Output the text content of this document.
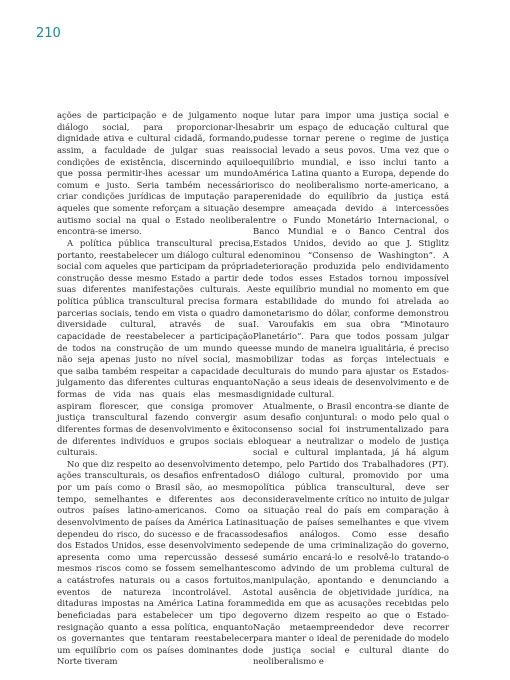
210

ações de participação e de julgamento no diálogo social, para proporcionar-lhes dignidade ativa e cultural cidadã, formando, assim, a faculdade de julgar suas reais condições de existência, discernindo aquilo que possa permitir-lhes acessar um mundo comum e justo. Seria também necessário criar condições jurídicas de imputação para aqueles que somente reforçam a situação de autismo social na qual o Estado neoliberal encontra-se imerso.

A política pública transcultural precisa, portanto, reestabelecer um diálogo cultural e social com aqueles que participam da própria construção desse mesmo Estado a partir de suas diferentes manifestações culturais. A política pública transcultural precisa formar parcerias sociais, tendo em vista o quadro da diversidade cultural, através de sua capacidade de reestabelecer a participação de todos na construção de um mundo que não seja apenas justo no nível social, mas que saiba também respeitar a capacidade de julgamento das diferentes culturas enquanto formas de vida nas quais elas mesmas aspiram florescer, que consiga promover justiça transcultural fazendo convergir as diferentes formas de desenvolvimento e êxito de diferentes indivíduos e grupos sociais e culturais.

No que diz respeito ao desenvolvimento de ações transculturais, os desafios enfrentados por um país como o Brasil são, ao mesmo tempo, semelhantes e diferentes aos de outros países latino-americanos. Como o desenvolvimento de países da América Latina dependeu do risco, do sucesso e de fracasso dos Estados Unidos, esse desenvolvimento se apresenta como uma repercussão desses mesmos riscos como se fossem semelhantes a catástrofes naturais ou a casos fortuitos, eventos de natureza incontrolável. As ditaduras impostas na América Latina foram beneficiadas para estabelecer um tipo de resignação quanto a essa política, enquanto os governantes que tentaram reestabelecer um equilíbrio com os países dominantes do Norte tiveram

que lutar para impor uma justiça social e abrir um espaço de educação cultural que pudesse tornar perene o regime de justiça social levado a seus povos. Uma vez que o equilíbrio mundial, e isso inclui tanto a América Latina quanto a Europa, depende do risco do neoliberalismo norte-americano, a perenidade do equilíbrio da justiça está sempre ameaçada devido a intercessões entre o Fundo Monetário Internacional, o Banco Mundial e o Banco Central dos Estados Unidos, devido ao que J. Stiglitz denominou “Consenso de Washington”. A deterioração produzida pelo endividamento de todos esses Estados tornou impossível este equilíbrio mundial no momento em que a estabilidade do mundo foi atrelada ao monetarismo do dólar, conforme demonstrou I. Varoufakis em sua obra “Minotauro Planetário”. Para que todos possam julgar esse mundo de maneira igualitária, é preciso mobilizar todas as forças intelectuais e culturais do mundo para ajustar os Estados-Nação a seus ideais de desenvolvimento e de dignidade cultural.

Atualmente, o Brasil encontra-se diante de um desafio conjuntural: o modo pelo qual o consenso social foi instrumentalizado para bloquear a neutralizar o modelo de justiça social e cultural implantada, já há algum tempo, pelo Partido dos Trabalhadores (PT). O diálogo cultural, promovido por uma política pública transcultural, deve ser consideravelmente crítico no intuito de julgar a situação real do país em comparação à situação de países semelhantes e que vivem desafios análogos. Como esse desafio depende de uma criminalização do governo, é sumário encará-lo e resolvê-lo tratando-o como advindo de um problema cultural de manipulação, apontando e denunciando a total ausência de objetividade jurídica, na medida em que as acusações recebidas pelo governo dizem respeito ao que o Estado-Nação metaempreendedor deve recorrer para manter o ideal de perenidade do modelo de justiça social e cultural diante do neoliberalismo e
